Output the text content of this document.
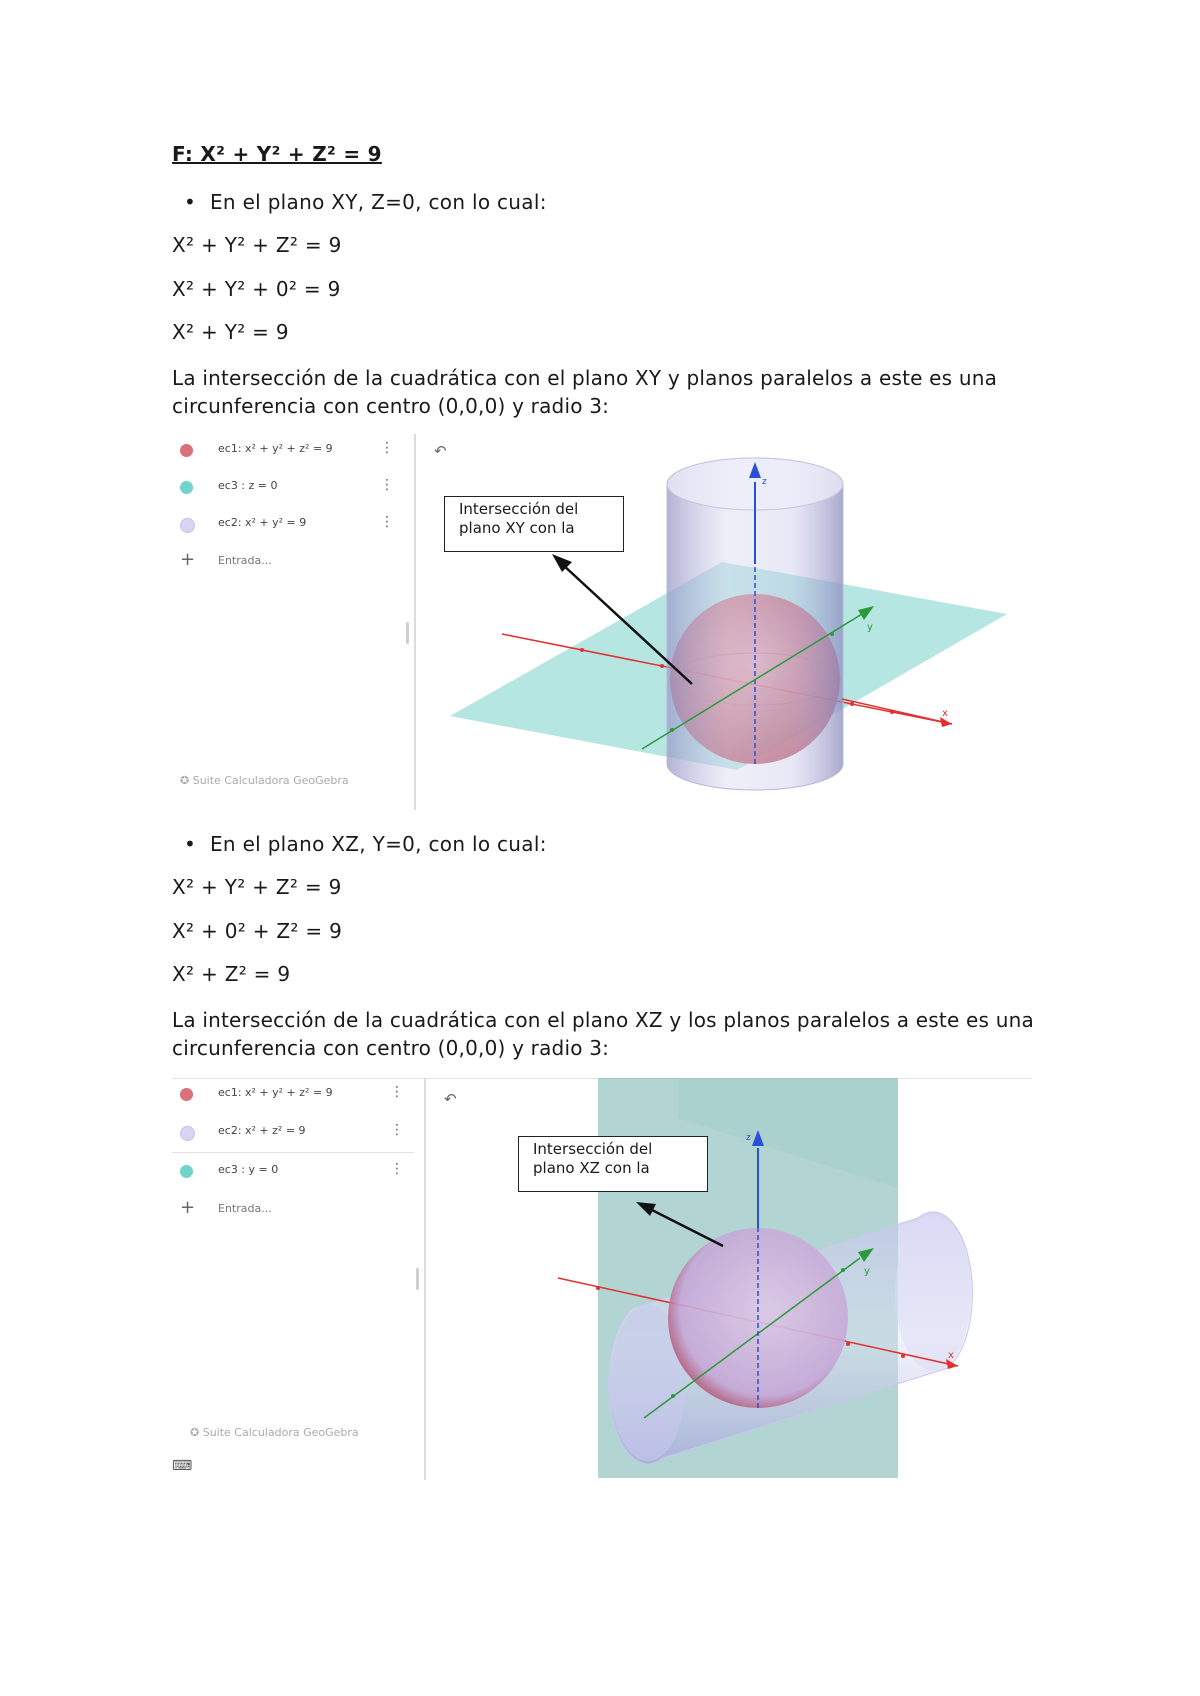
F: X² + Y² + Z² = 9
• En el plano XY, Z=0, con lo cual:
X² + Y² + Z² = 9
X² + Y² + 0² = 9
X² + Y² = 9
La intersección de la cuadrática con el plano XY y planos paralelos a este es una circunferencia con centro (0,0,0) y radio 3:
ec1: x² + y² + z² = 9	⋮
ec3 : z = 0	⋮
ec2: x² + y² = 9	⋮
+ Entrada...
✪ Suite Calculadora GeoGebra
↶
z
y
x
Intersección del plano XY con la
• En el plano XZ, Y=0, con lo cual:
X² + Y² + Z² = 9
X² + 0² + Z² = 9
X² + Z² = 9
La intersección de la cuadrática con el plano XZ y los planos paralelos a este es una circunferencia con centro (0,0,0) y radio 3:
ec1: x² + y² + z² = 9	⋮
ec2: x² + z² = 9	⋮
ec3 : y = 0	⋮
+ Entrada...
✪ Suite Calculadora GeoGebra
⌨
↶
x
y
z
Intersección del plano XZ con la
